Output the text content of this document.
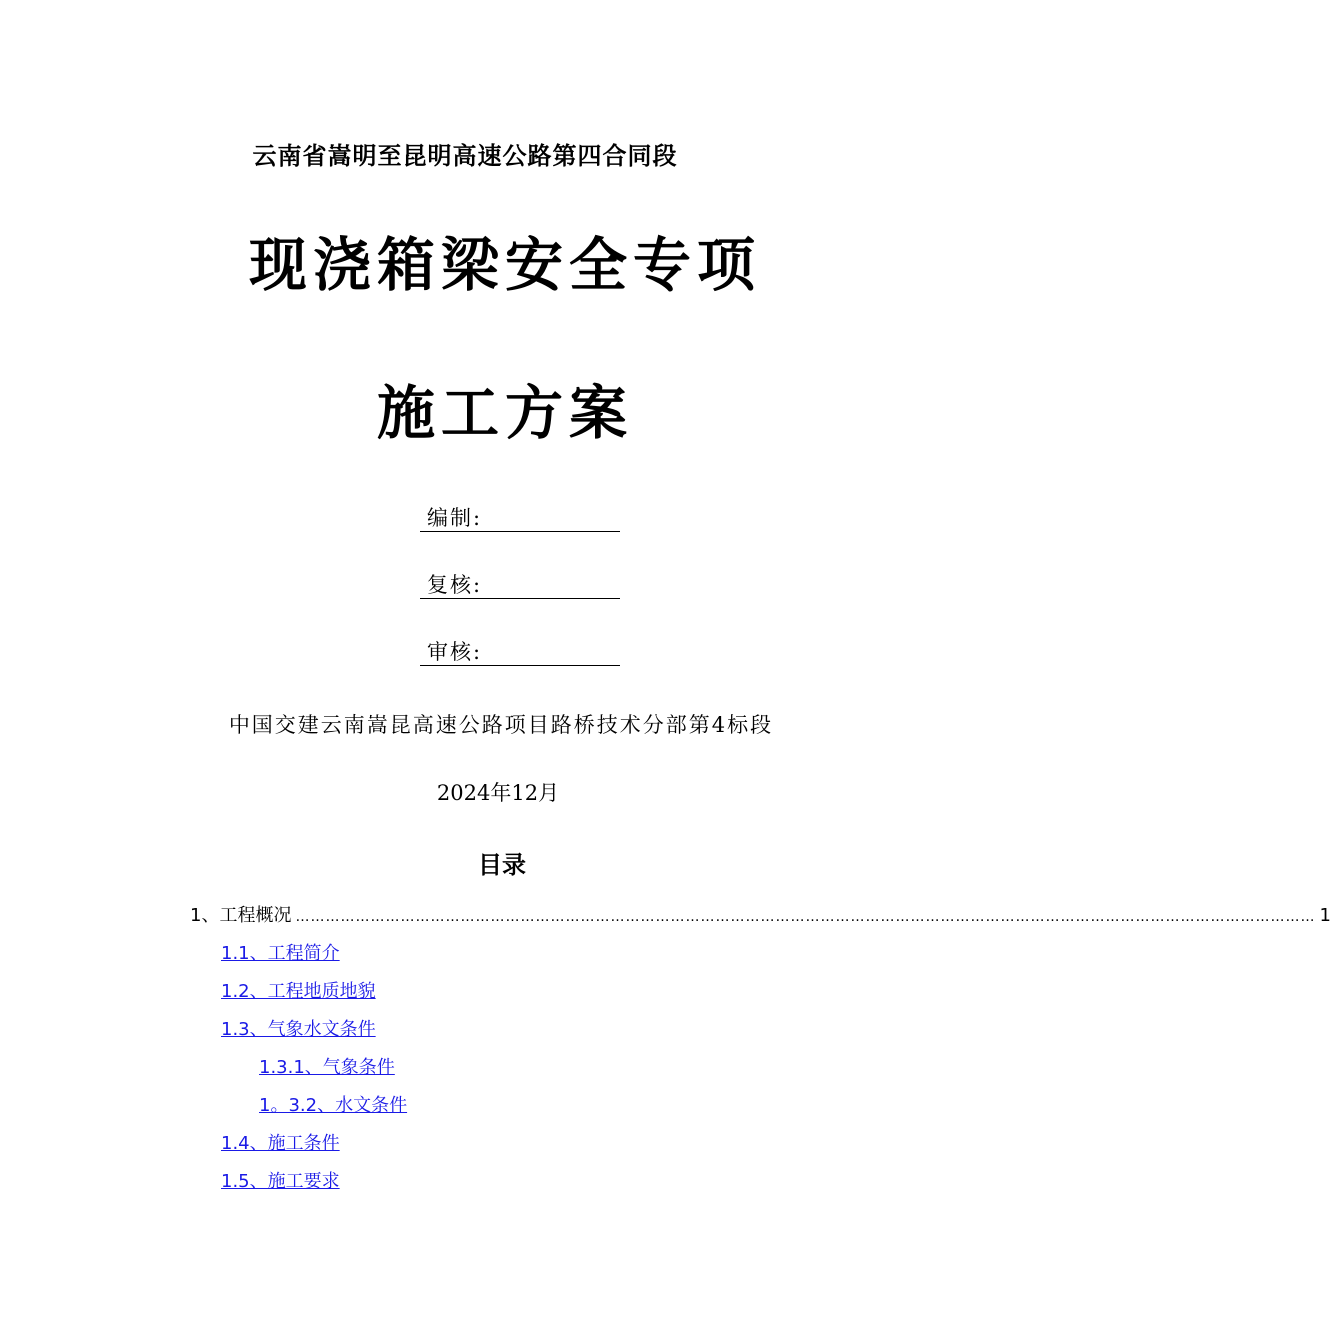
云南省嵩明至昆明高速公路第四合同段
现浇箱梁安全专项
施工方案
编制:
复核:
审核:
中国交建云南嵩昆高速公路项目路桥技术分部第4标段
2024年12月
目录
1、工程概况 …………………………………………………………………………………………………………………………………………………………………………………… 1
1.1、工程简介
1.2、工程地质地貌
1.3、气象水文条件
1.3.1、气象条件
1。3.2、水文条件
1.4、施工条件
1.5、施工要求
